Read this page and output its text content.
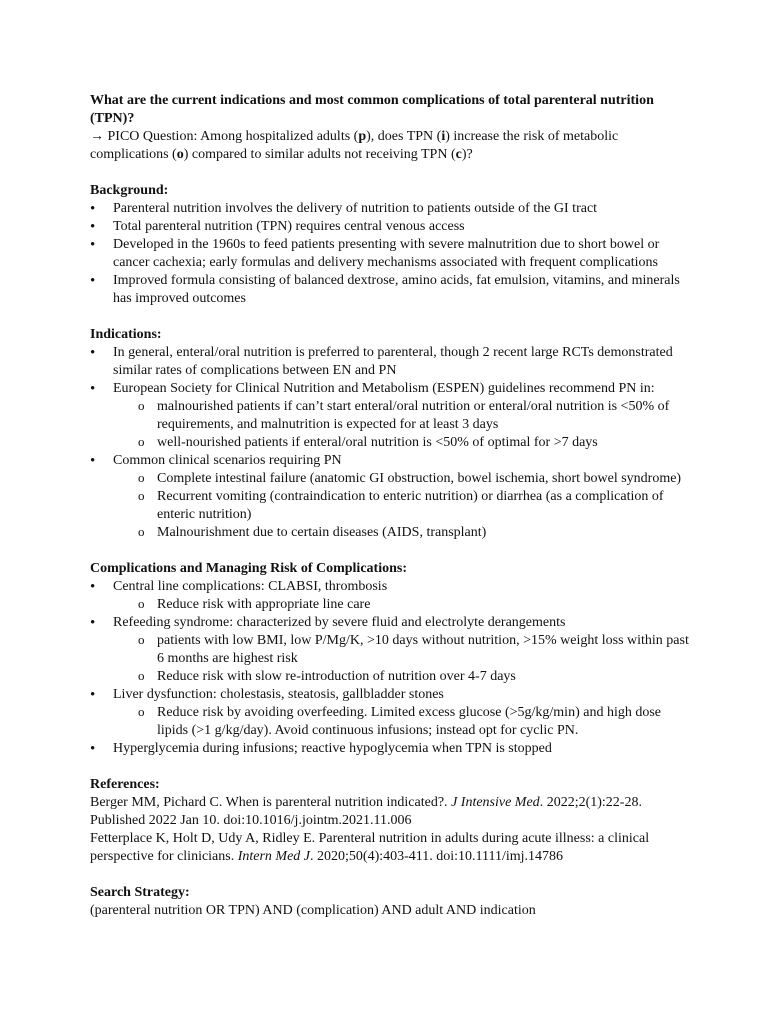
What are the current indications and most common complications of total parenteral nutrition (TPN)?

→ PICO Question: Among hospitalized adults (p), does TPN (i) increase the risk of metabolic complications (o) compared to similar adults not receiving TPN (c)?

Background:
• Parenteral nutrition involves the delivery of nutrition to patients outside of the GI tract
• Total parenteral nutrition (TPN) requires central venous access
• Developed in the 1960s to feed patients presenting with severe malnutrition due to short bowel or cancer cachexia; early formulas and delivery mechanisms associated with frequent complications
• Improved formula consisting of balanced dextrose, amino acids, fat emulsion, vitamins, and minerals has improved outcomes
Indications:
• In general, enteral/oral nutrition is preferred to parenteral, though 2 recent large RCTs demonstrated similar rates of complications between EN and PN
• European Society for Clinical Nutrition and Metabolism (ESPEN) guidelines recommend PN in:
o malnourished patients if can’t start enteral/oral nutrition or enteral/oral nutrition is <50% of requirements, and malnutrition is expected for at least 3 days
o well-nourished patients if enteral/oral nutrition is <50% of optimal for >7 days
• Common clinical scenarios requiring PN
o Complete intestinal failure (anatomic GI obstruction, bowel ischemia, short bowel syndrome)
o Recurrent vomiting (contraindication to enteric nutrition) or diarrhea (as a complication of enteric nutrition)
o Malnourishment due to certain diseases (AIDS, transplant)
Complications and Managing Risk of Complications:
• Central line complications: CLABSI, thrombosis
o Reduce risk with appropriate line care
• Refeeding syndrome: characterized by severe fluid and electrolyte derangements
o patients with low BMI, low P/Mg/K, >10 days without nutrition, >15% weight loss within past 6 months are highest risk
o Reduce risk with slow re-introduction of nutrition over 4-7 days
• Liver dysfunction: cholestasis, steatosis, gallbladder stones
o Reduce risk by avoiding overfeeding. Limited excess glucose (>5g/kg/min) and high dose lipids (>1 g/kg/day). Avoid continuous infusions; instead opt for cyclic PN.
• Hyperglycemia during infusions; reactive hypoglycemia when TPN is stopped
References:

Berger MM, Pichard C. When is parenteral nutrition indicated?. J Intensive Med. 2022;2(1):22-28. Published 2022 Jan 10. doi:10.1016/j.jointm.2021.11.006

Fetterplace K, Holt D, Udy A, Ridley E. Parenteral nutrition in adults during acute illness: a clinical perspective for clinicians. Intern Med J. 2020;50(4):403-411. doi:10.1111/imj.14786

Search Strategy:

(parenteral nutrition OR TPN) AND (complication) AND adult AND indication
